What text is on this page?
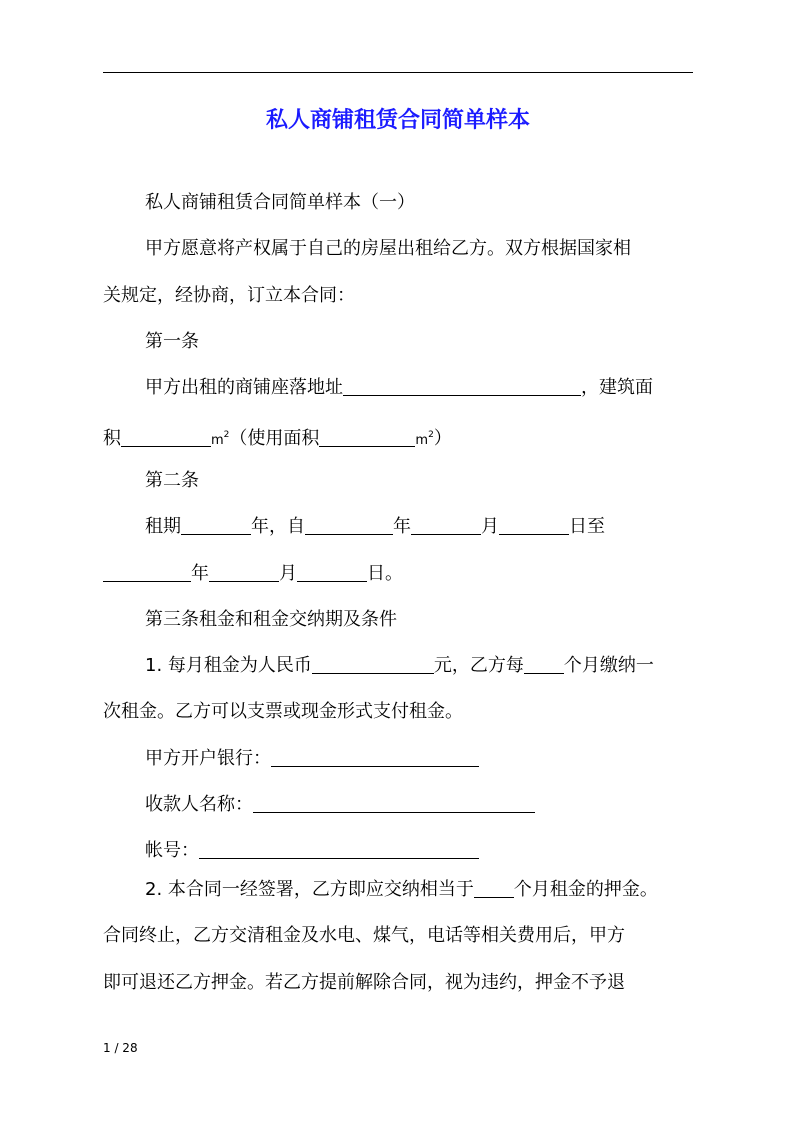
私人商铺租赁合同简单样本

私人商铺租赁合同简单样本（一）

甲方愿意将产权属于自己的房屋出租给乙方。双方根据国家相

关规定，经协商，订立本合同：

第一条

甲方出租的商铺座落地址	，建筑面

积	$m^2$（使用面积	$m^2$）

第二条

租期	年，自	年	月	日至

年	月	日。

第三条租金和租金交纳期及条件

1. 每月租金为人民币	元，乙方每 个月缴纳一

次租金。乙方可以支票或现金形式支付租金。

甲方开户银行：

收款人名称：

帐号：

2. 本合同一经签署，乙方即应交纳相当于 个月租金的押金。

合同终止，乙方交清租金及水电、煤气，电话等相关费用后，甲方

即可退还乙方押金。若乙方提前解除合同，视为违约，押金不予退

1 / 28
